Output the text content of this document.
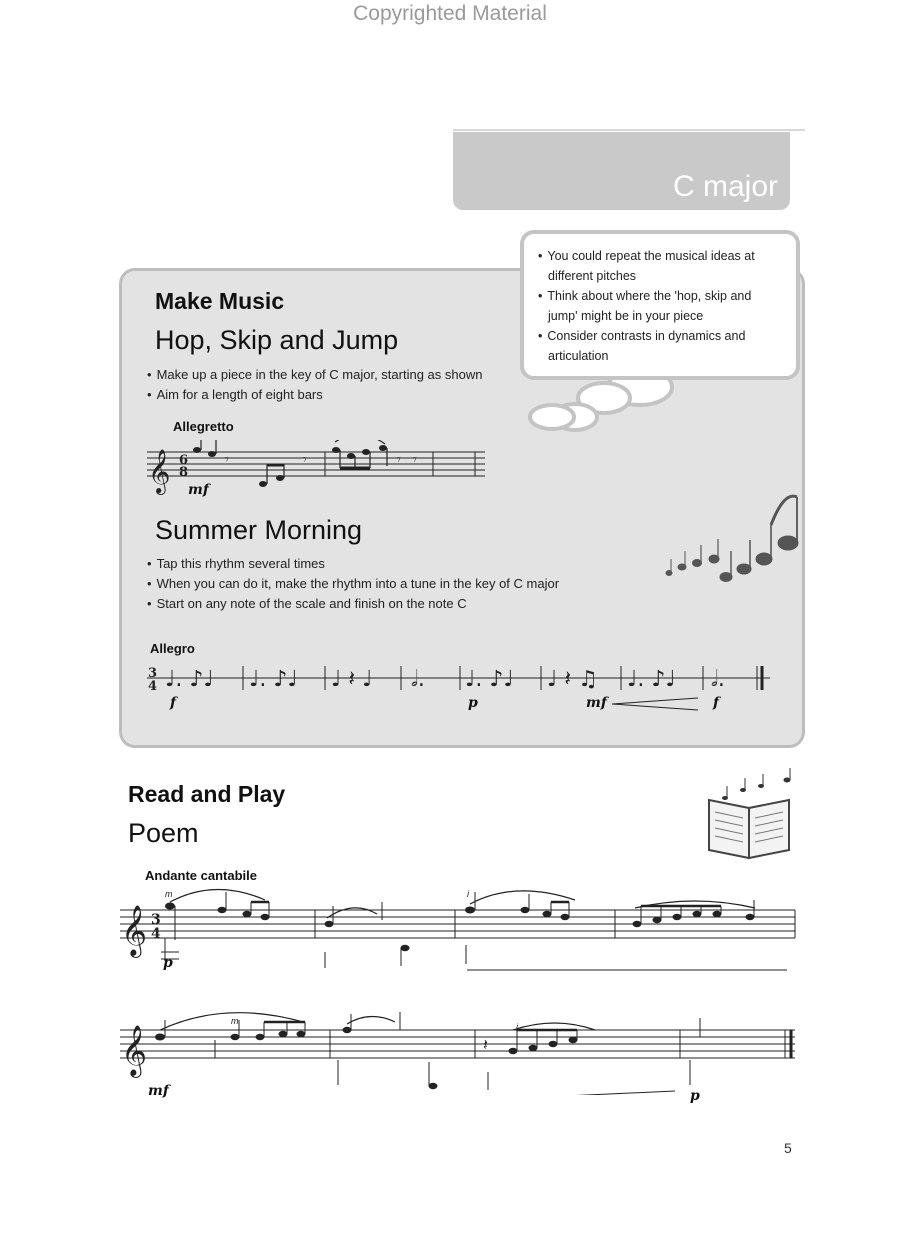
Copyrighted Material
C major
Make Music
• You could repeat the musical ideas at different pitches
• Think about where the 'hop, skip and jump' might be in your piece
• Consider contrasts in dynamics and articulation
Hop, Skip and Jump
• Make up a piece in the key of C major, starting as shown
• Aim for a length of eight bars
Allegretto
𝄞 6
8
𝄾	𝄾	𝄾 𝄾
mf
Summer Morning
• Tap this rhythm several times
• When you can do it, make the rhythm into a tune in the key of C major
• Start on any note of the scale and finish on the note C
Allegro
3
4 ♩. ♪♩ ♩. ♪♩ ♩ 𝄽 ♩ 𝅗𝅥. ♩. ♪♩ ♩ 𝄽 ♫ ♩. ♪♩ 𝅗𝅥.
f	p	mf	f
Read and Play
Poem
Andante cantabile
𝄞 3
4
m	i
p
𝄞
m
i
𝄽
mf	p
5
